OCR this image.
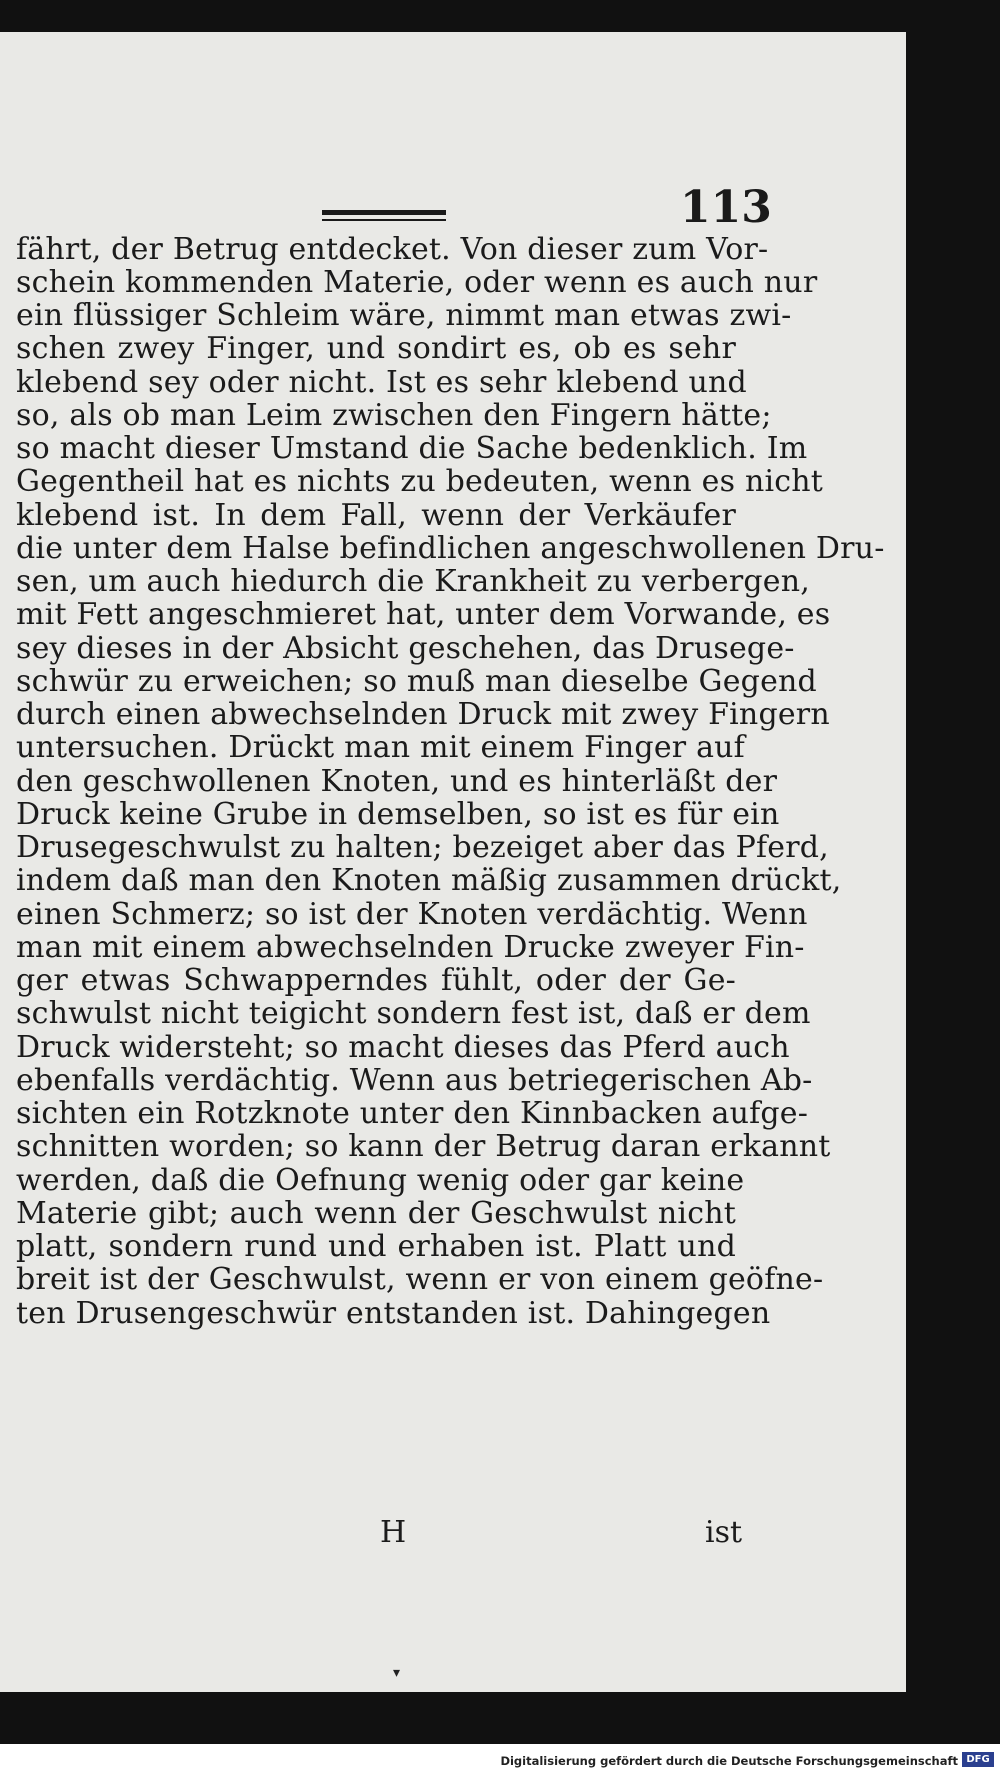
113
fährt, der Betrug entdecket. Von dieser zum Vor-
schein kommenden Materie, oder wenn es auch nur
ein flüssiger Schleim wäre, nimmt man etwas zwi-
schen zwey Finger, und sondirt es, ob es sehr
klebend sey oder nicht. Ist es sehr klebend und
so, als ob man Leim zwischen den Fingern hätte;
so macht dieser Umstand die Sache bedenklich. Im
Gegentheil hat es nichts zu bedeuten, wenn es nicht
klebend ist. In dem Fall, wenn der Verkäufer
die unter dem Halse befindlichen angeschwollenen Dru-
sen, um auch hiedurch die Krankheit zu verbergen,
mit Fett angeschmieret hat, unter dem Vorwande, es
sey dieses in der Absicht geschehen, das Drusege-
schwür zu erweichen; so muß man dieselbe Gegend
durch einen abwechselnden Druck mit zwey Fingern
untersuchen. Drückt man mit einem Finger auf
den geschwollenen Knoten, und es hinterläßt der
Druck keine Grube in demselben, so ist es für ein
Drusegeschwulst zu halten; bezeiget aber das Pferd,
indem daß man den Knoten mäßig zusammen drückt,
einen Schmerz; so ist der Knoten verdächtig. Wenn
man mit einem abwechselnden Drucke zweyer Fin-
ger etwas Schwapperndes fühlt, oder der Ge-
schwulst nicht teigicht sondern fest ist, daß er dem
Druck widersteht; so macht dieses das Pferd auch
ebenfalls verdächtig. Wenn aus betriegerischen Ab-
sichten ein Rotzknote unter den Kinnbacken aufge-
schnitten worden; so kann der Betrug daran erkannt
werden, daß die Oefnung wenig oder gar keine
Materie gibt; auch wenn der Geschwulst nicht
platt, sondern rund und erhaben ist. Platt und
breit ist der Geschwulst, wenn er von einem geöfne-
ten Drusengeschwür entstanden ist. Dahingegen
H	ist
▾
Digitalisierung gefördert durch die Deutsche Forschungsgemeinschaft DFG
